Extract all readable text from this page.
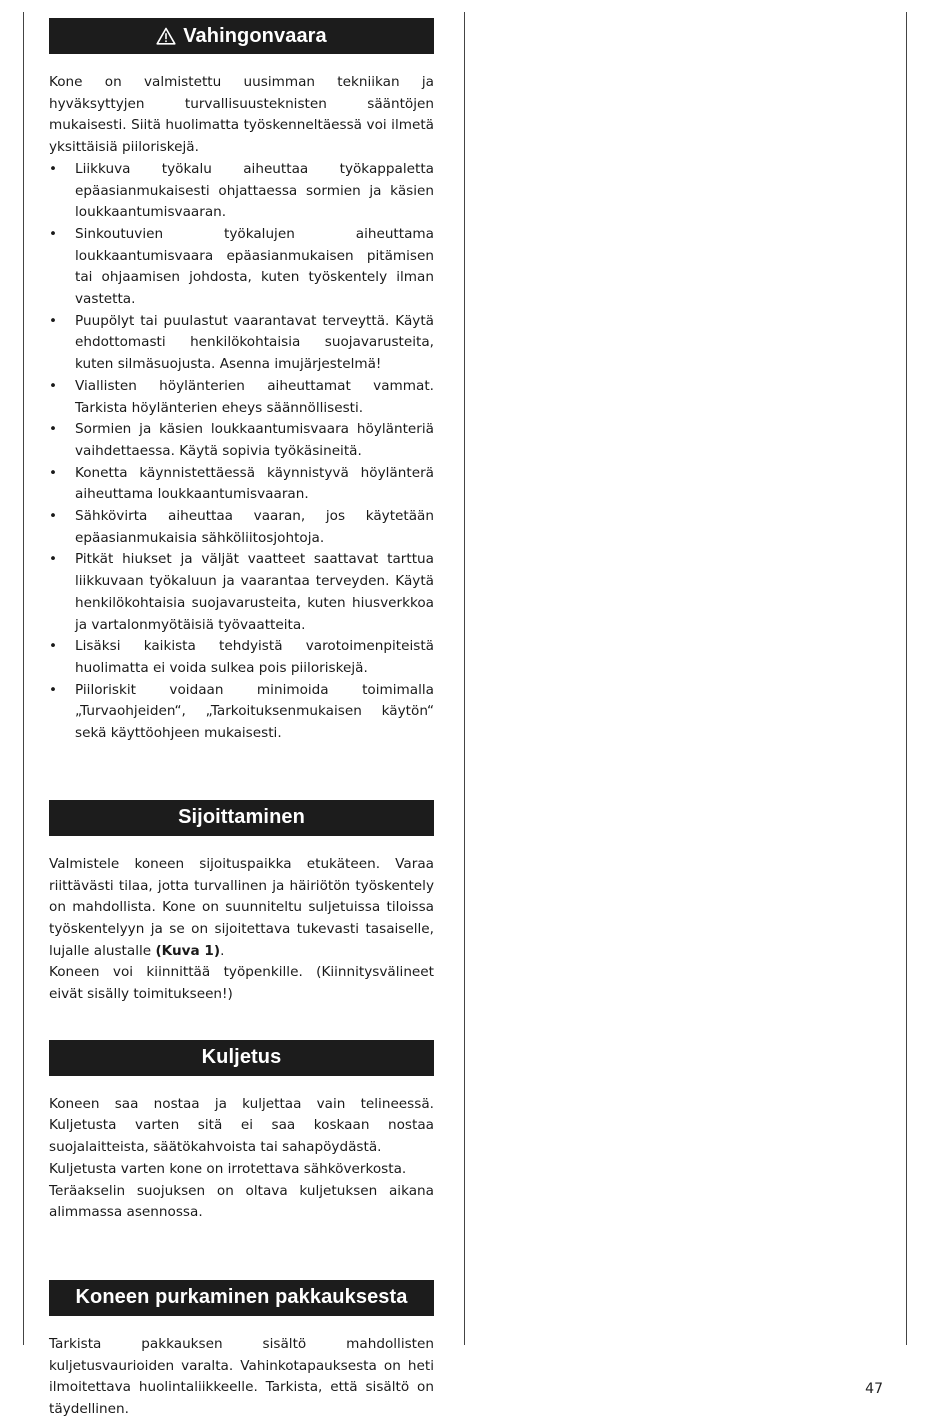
Vahingonvaara

Kone on valmistettu uusimman tekniikan ja hyväksyttyjen turvallisuusteknisten sääntöjen mukaisesti. Siitä huolimatta työskenneltäessä voi ilmetä yksittäisiä piiloriskejä.

• Liikkuva työkalu aiheuttaa työkappaletta epäasianmukaisesti ohjattaessa sormien ja käsien loukkaantumisvaaran.
• Sinkoutuvien työkalujen aiheuttama loukkaantumisvaara epäasianmukaisen pitämisen tai ohjaamisen johdosta, kuten työskentely ilman vastetta.
• Puupölyt tai puulastut vaarantavat terveyttä. Käytä ehdottomasti henkilökohtaisia suojavarusteita, kuten silmäsuojusta. Asenna imujärjestelmä!
• Viallisten höylänterien aiheuttamat vammat. Tarkista höylänterien eheys säännöllisesti.
• Sormien ja käsien loukkaantumisvaara höylänteriä vaihdettaessa. Käytä sopivia työkäsineitä.
• Konetta käynnistettäessä käynnistyvä höylänterä aiheuttama loukkaantumisvaaran.
• Sähkövirta aiheuttaa vaaran, jos käytetään epäasianmukaisia sähköliitosjohtoja.
• Pitkät hiukset ja väljät vaatteet saattavat tarttua liikkuvaan työkaluun ja vaarantaa terveyden. Käytä henkilökohtaisia suojavarusteita, kuten hiusverkkoa ja vartalonmyötäisiä työvaatteita.
• Lisäksi kaikista tehdyistä varotoimenpiteistä huolimatta ei voida sulkea pois piiloriskejä.
• Piiloriskit voidaan minimoida toimimalla „Turvaohjeiden“, „Tarkoituksenmukaisen käytön“ sekä käyttöohjeen mukaisesti.
Sijoittaminen

Valmistele koneen sijoituspaikka etukäteen. Varaa riittävästi tilaa, jotta turvallinen ja häiriötön työskentely on mahdollista. Kone on suunniteltu suljetuissa tiloissa työskentelyyn ja se on sijoitettava tukevasti tasaiselle, lujalle alustalle (Kuva 1).

Koneen voi kiinnittää työpenkille. (Kiinnitysvälineet eivät sisälly toimitukseen!)

Kuljetus

Koneen saa nostaa ja kuljettaa vain telineessä. Kuljetusta varten sitä ei saa koskaan nostaa suojalaitteista, säätökahvoista tai sahapöydästä.

Kuljetusta varten kone on irrotettava sähköverkosta.

Teräakselin suojuksen on oltava kuljetuksen aikana alimmassa asennossa.

Koneen purkaminen pakkauksesta

Tarkista pakkauksen sisältö mahdollisten kuljetusvaurioiden varalta. Vahinkotapauksesta on heti ilmoitettava huolintaliikkeelle. Tarkista, että sisältö on täydellinen.

47
